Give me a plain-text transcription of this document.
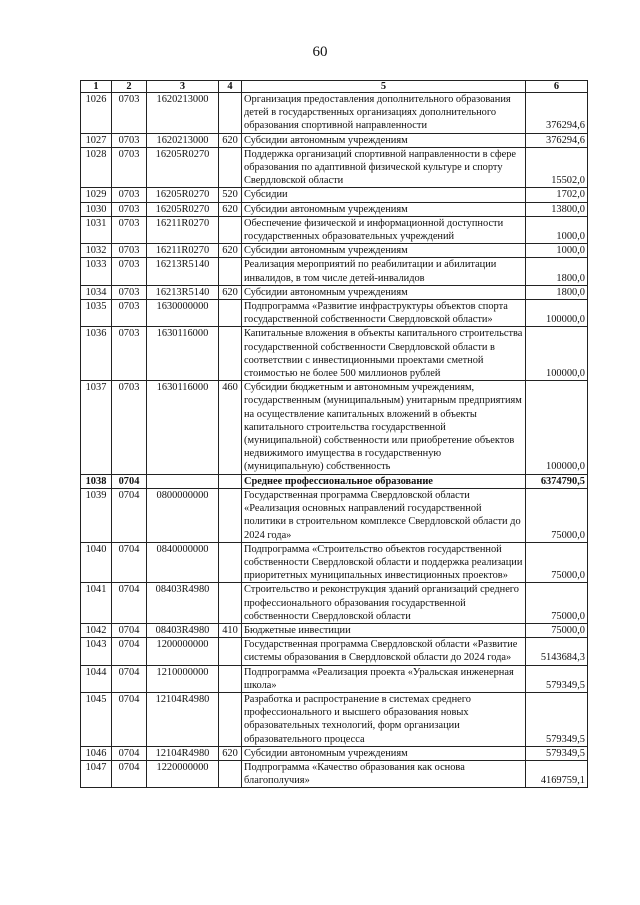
60
1	2	3	4	5	6
1026	0703	1620213000		Организация предоставления дополнительного образования детей в государственных организациях дополнительного образования спортивной направленности	376294,6
1027	0703	1620213000	620	Субсидии автономным учреждениям	376294,6
1028	0703	16205R0270		Поддержка организаций спортивной направленности в сфере образования по адаптивной физической культуре и спорту Свердловской области	15502,0
1029	0703	16205R0270	520	Субсидии	1702,0
1030	0703	16205R0270	620	Субсидии автономным учреждениям	13800,0
1031	0703	16211R0270		Обеспечение физической и информационной доступности государственных образовательных учреждений	1000,0
1032	0703	16211R0270	620	Субсидии автономным учреждениям	1000,0
1033	0703	16213R5140		Реализация мероприятий по реабилитации и абилитации инвалидов, в том числе детей-инвалидов	1800,0
1034	0703	16213R5140	620	Субсидии автономным учреждениям	1800,0
1035	0703	1630000000		Подпрограмма «Развитие инфраструктуры объектов спорта государственной собственности Свердловской области»	100000,0
1036	0703	1630116000		Капитальные вложения в объекты капитального строительства государственной собственности Свердловской области в соответствии с инвестиционными проектами сметной стоимостью не более 500 миллионов рублей	100000,0
1037	0703	1630116000	460	Субсидии бюджетным и автономным учреждениям, государственным (муниципальным) унитарным предприятиям на осуществление капитальных вложений в объекты капитального строительства государственной (муниципальной) собственности или приобретение объектов недвижимого имущества в государственную (муниципальную) собственность	100000,0
1038	0704			Среднее профессиональное образование	6374790,5
1039	0704	0800000000		Государственная программа Свердловской области «Реализация основных направлений государственной политики в строительном комплексе Свердловской области до 2024 года»	75000,0
1040	0704	0840000000		Подпрограмма «Строительство объектов государственной собственности Свердловской области и поддержка реализации приоритетных муниципальных инвестиционных проектов»	75000,0
1041	0704	08403R4980		Строительство и реконструкция зданий организаций среднего профессионального образования государственной собственности Свердловской области	75000,0
1042	0704	08403R4980	410	Бюджетные инвестиции	75000,0
1043	0704	1200000000		Государственная программа Свердловской области «Развитие системы образования в Свердловской области до 2024 года»	5143684,3
1044	0704	1210000000		Подпрограмма «Реализация проекта «Уральская инженерная школа»	579349,5
1045	0704	12104R4980		Разработка и распространение в системах среднего профессионального и высшего образования новых образовательных технологий, форм организации образовательного процесса	579349,5
1046	0704	12104R4980	620	Субсидии автономным учреждениям	579349,5
1047	0704	1220000000		Подпрограмма «Качество образования как основа благополучия»	4169759,1
